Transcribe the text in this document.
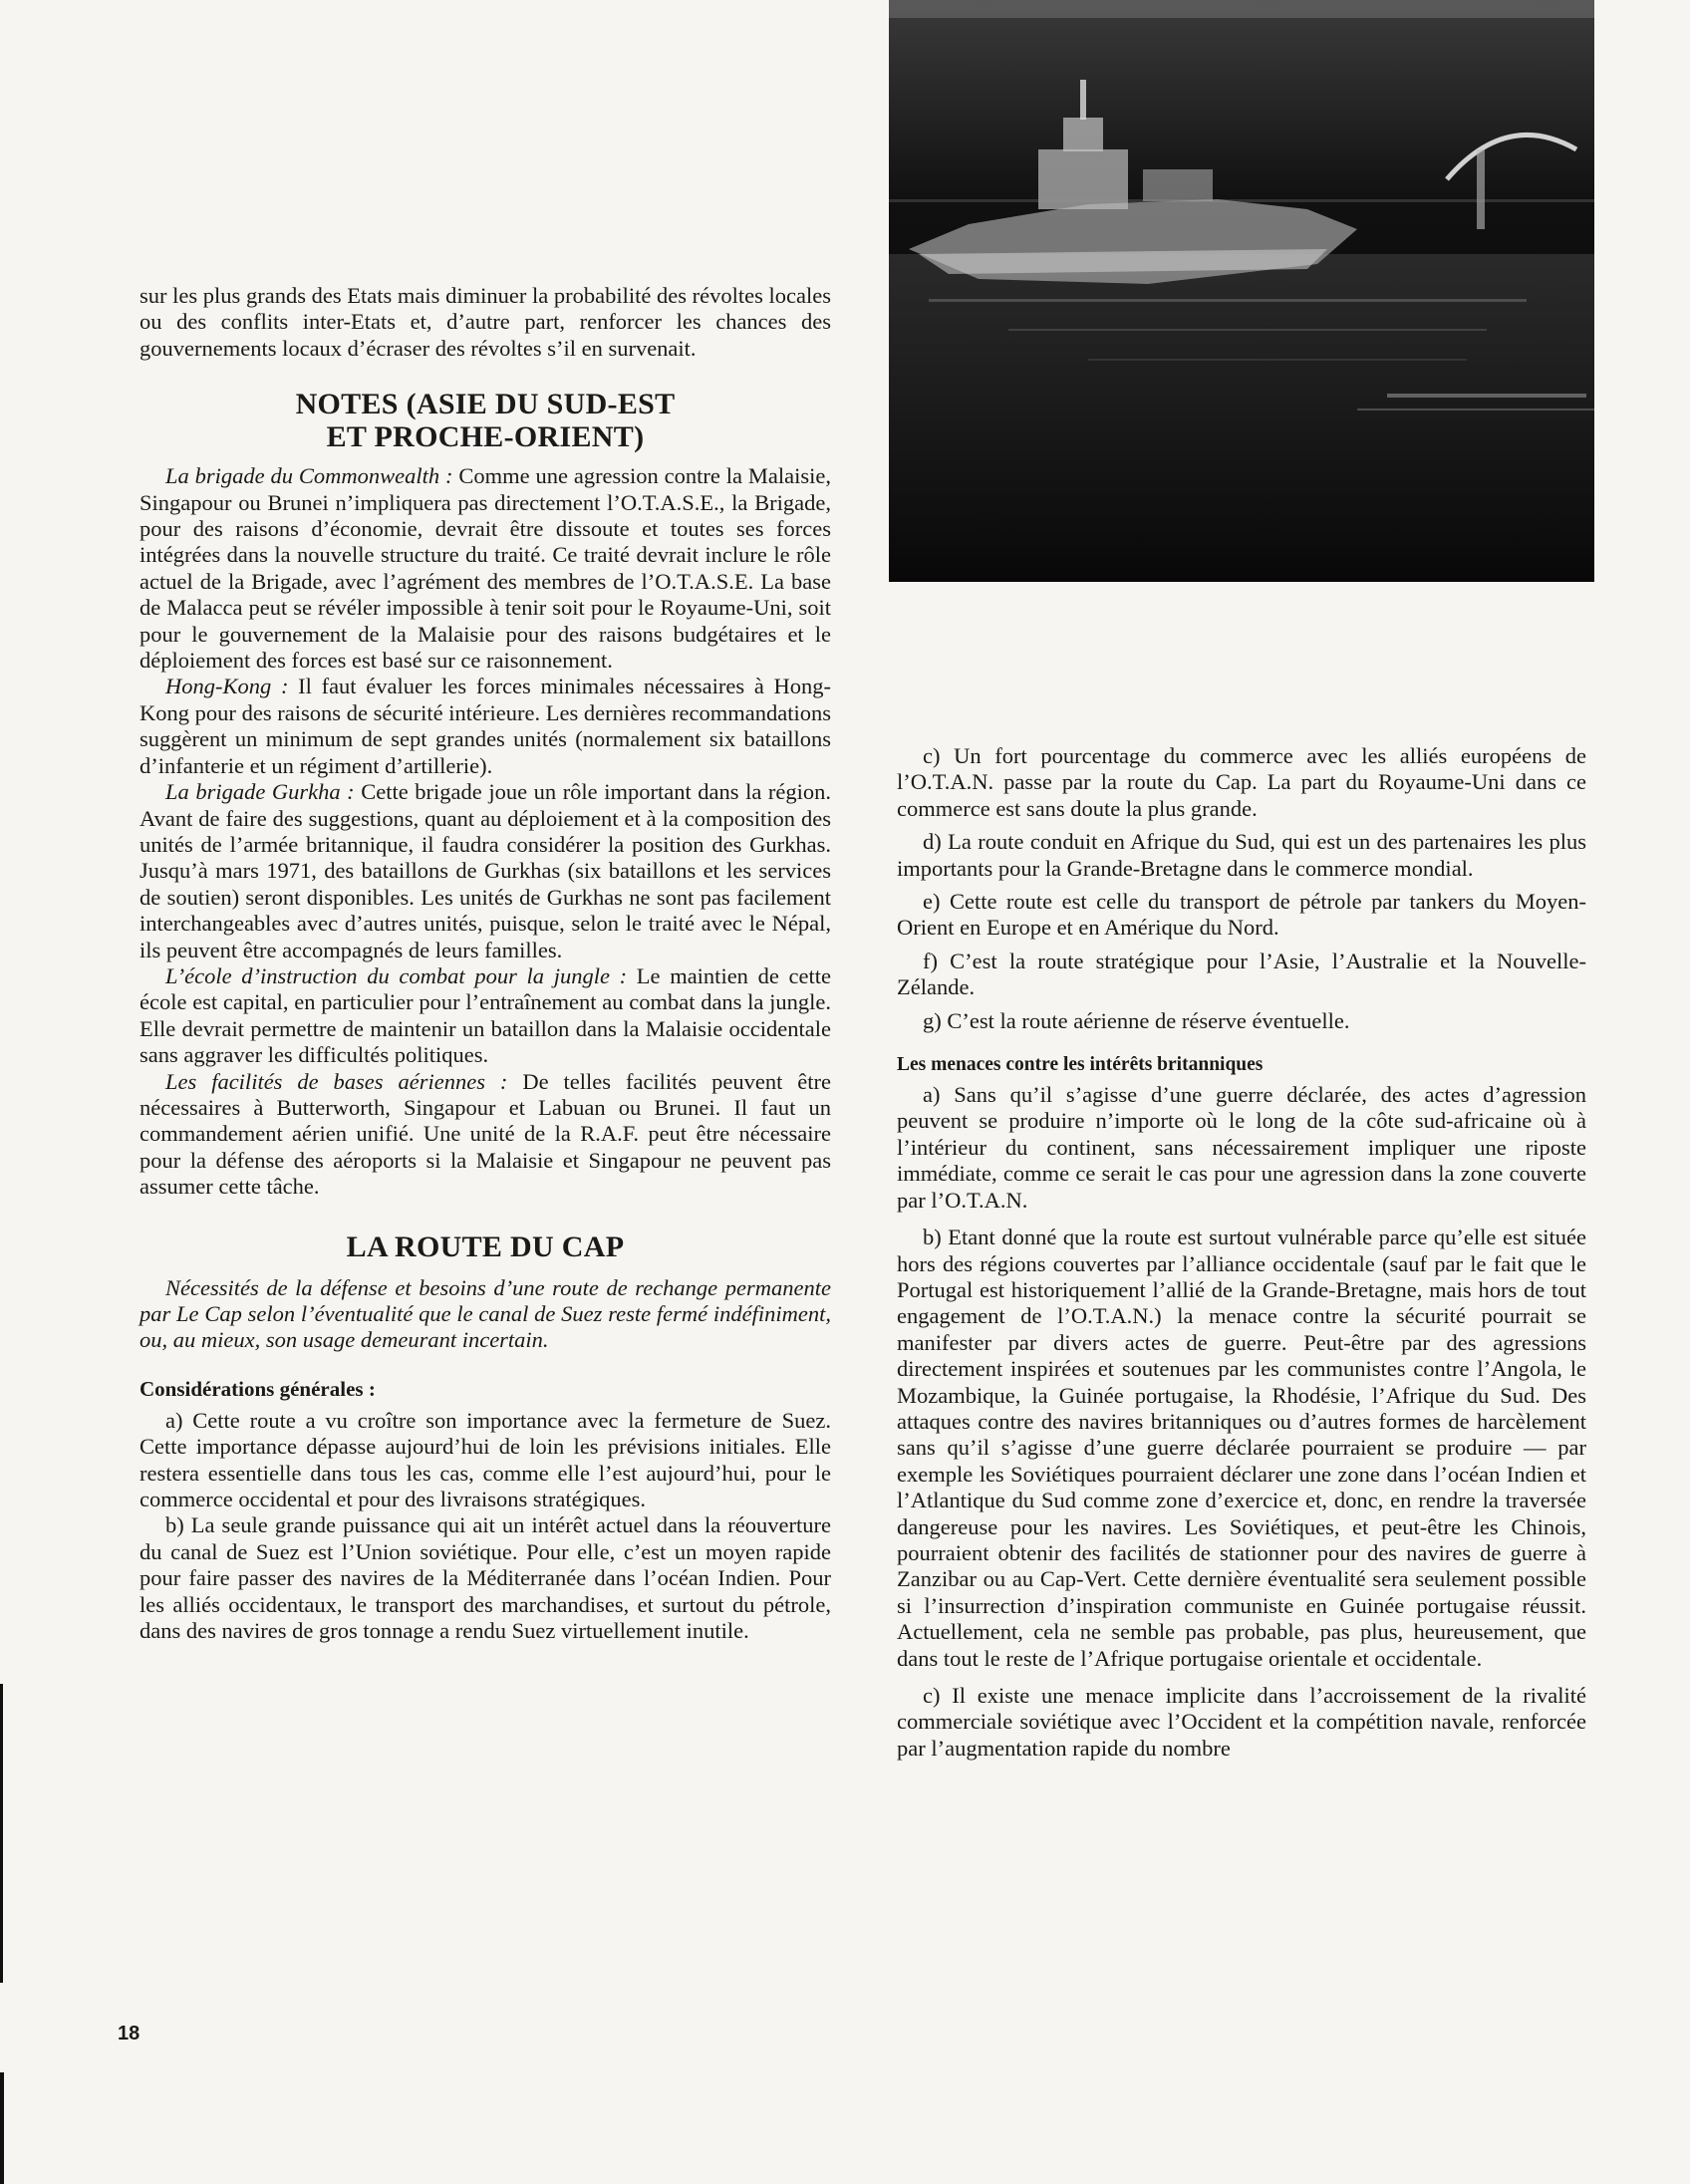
sur les plus grands des Etats mais diminuer la probabilité des révoltes locales ou des conflits inter-Etats et, d’autre part, renforcer les chances des gouvernements locaux d’écraser des révoltes s’il en survenait.

NOTES (ASIE DU SUD-EST
ET PROCHE-ORIENT)

La brigade du Commonwealth : Comme une agression contre la Malaisie, Singapour ou Brunei n’impliquera pas directement l’O.T.A.S.E., la Brigade, pour des raisons d’économie, devrait être dissoute et toutes ses forces intégrées dans la nouvelle structure du traité. Ce traité devrait inclure le rôle actuel de la Brigade, avec l’agrément des membres de l’O.T.A.S.E. La base de Malacca peut se révéler impossible à tenir soit pour le Royaume-Uni, soit pour le gouvernement de la Malaisie pour des raisons budgétaires et le déploiement des forces est basé sur ce raisonnement.

Hong-Kong : Il faut évaluer les forces minimales nécessaires à Hong-Kong pour des raisons de sécurité intérieure. Les dernières recommandations suggèrent un minimum de sept grandes unités (normalement six bataillons d’infanterie et un régiment d’artillerie).

La brigade Gurkha : Cette brigade joue un rôle important dans la région. Avant de faire des suggestions, quant au déploiement et à la composition des unités de l’armée britannique, il faudra considérer la position des Gurkhas. Jusqu’à mars 1971, des bataillons de Gurkhas (six bataillons et les services de soutien) seront disponibles. Les unités de Gurkhas ne sont pas facilement interchangeables avec d’autres unités, puisque, selon le traité avec le Népal, ils peuvent être accompagnés de leurs familles.

L’école d’instruction du combat pour la jungle : Le maintien de cette école est capital, en particulier pour l’entraînement au combat dans la jungle. Elle devrait permettre de maintenir un bataillon dans la Malaisie occidentale sans aggraver les difficultés politiques.

Les facilités de bases aériennes : De telles facilités peuvent être nécessaires à Butterworth, Singapour et Labuan ou Brunei. Il faut un commandement aérien unifié. Une unité de la R.A.F. peut être nécessaire pour la défense des aéroports si la Malaisie et Singapour ne peuvent pas assumer cette tâche.

LA ROUTE DU CAP

Nécessités de la défense et besoins d’une route de rechange permanente par Le Cap selon l’éventualité que le canal de Suez reste fermé indéfiniment, ou, au mieux, son usage demeurant incertain.

Considérations générales :

a) Cette route a vu croître son importance avec la fermeture de Suez. Cette importance dépasse aujourd’hui de loin les prévisions initiales. Elle restera essentielle dans tous les cas, comme elle l’est aujourd’hui, pour le commerce occidental et pour des livraisons stratégiques.

b) La seule grande puissance qui ait un intérêt actuel dans la réouverture du canal de Suez est l’Union soviétique. Pour elle, c’est un moyen rapide pour faire passer des navires de la Méditerranée dans l’océan Indien. Pour les alliés occidentaux, le transport des marchandises, et surtout du pétrole, dans des navires de gros tonnage a rendu Suez virtuellement inutile.

c) Un fort pourcentage du commerce avec les alliés européens de l’O.T.A.N. passe par la route du Cap. La part du Royaume-Uni dans ce commerce est sans doute la plus grande.

d) La route conduit en Afrique du Sud, qui est un des partenaires les plus importants pour la Grande-Bretagne dans le commerce mondial.

e) Cette route est celle du transport de pétrole par tankers du Moyen-Orient en Europe et en Amérique du Nord.

f) C’est la route stratégique pour l’Asie, l’Australie et la Nouvelle-Zélande.

g) C’est la route aérienne de réserve éventuelle.

Les menaces contre les intérêts britanniques

a) Sans qu’il s’agisse d’une guerre déclarée, des actes d’agression peuvent se produire n’importe où le long de la côte sud-africaine où à l’intérieur du continent, sans nécessairement impliquer une riposte immédiate, comme ce serait le cas pour une agression dans la zone couverte par l’O.T.A.N.

b) Etant donné que la route est surtout vulnérable parce qu’elle est située hors des régions couvertes par l’alliance occidentale (sauf par le fait que le Portugal est historiquement l’allié de la Grande-Bretagne, mais hors de tout engagement de l’O.T.A.N.) la menace contre la sécurité pourrait se manifester par divers actes de guerre. Peut-être par des agressions directement inspirées et soutenues par les communistes contre l’Angola, le Mozambique, la Guinée portugaise, la Rhodésie, l’Afrique du Sud. Des attaques contre des navires britanniques ou d’autres formes de harcèlement sans qu’il s’agisse d’une guerre déclarée pourraient se produire — par exemple les Soviétiques pourraient déclarer une zone dans l’océan Indien et l’Atlantique du Sud comme zone d’exercice et, donc, en rendre la traversée dangereuse pour les navires. Les Soviétiques, et peut-être les Chinois, pourraient obtenir des facilités de stationner pour des navires de guerre à Zanzibar ou au Cap-Vert. Cette dernière éventualité sera seulement possible si l’insurrection d’inspiration communiste en Guinée portugaise réussit. Actuellement, cela ne semble pas probable, pas plus, heureusement, que dans tout le reste de l’Afrique portugaise orientale et occidentale.

c) Il existe une menace implicite dans l’accroissement de la rivalité commerciale soviétique avec l’Occident et la compétition navale, renforcée par l’augmentation rapide du nombre

18
